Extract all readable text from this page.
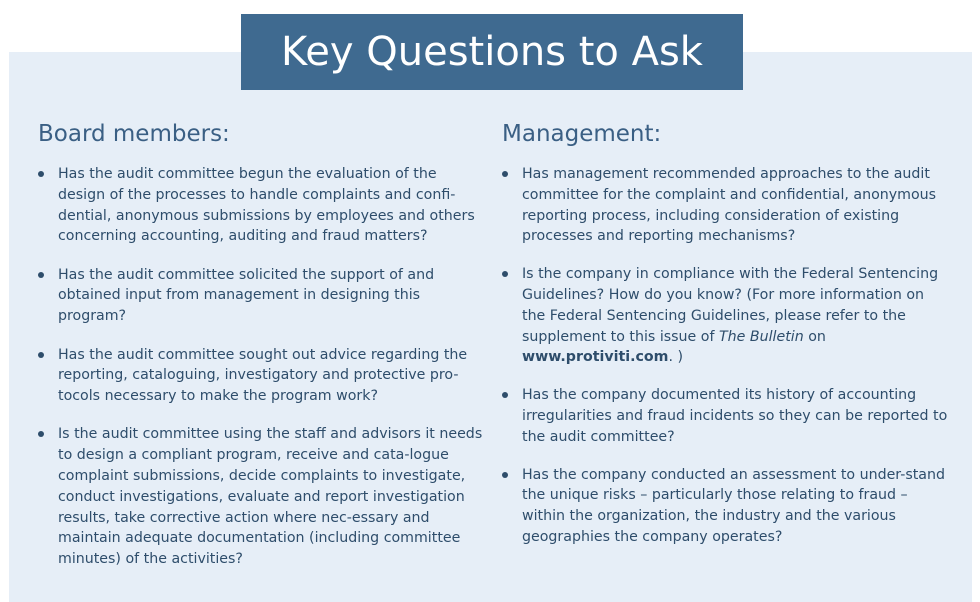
Key Questions to Ask
Board members:
Has the audit committee begun the evaluation of the design of the processes to handle complaints and confi-dential, anonymous submissions by employees and others concerning accounting, auditing and fraud matters?
Has the audit committee solicited the support of and obtained input from management in designing this program?
Has the audit committee sought out advice regarding the reporting, cataloguing, investigatory and protective pro-tocols necessary to make the program work?
Is the audit committee using the staff and advisors it needs to design a compliant program, receive and cata-logue complaint submissions, decide complaints to investigate, conduct investigations, evaluate and report investigation results, take corrective action where nec-essary and maintain adequate documentation (including committee minutes) of the activities?
Management:
Has management recommended approaches to the audit committee for the complaint and confidential, anonymous reporting process, including consideration of existing processes and reporting mechanisms?
Is the company in compliance with the Federal Sentencing Guidelines? How do you know? (For more information on the Federal Sentencing Guidelines, please refer to the supplement to this issue of The Bulletin on www.protiviti.com. )
Has the company documented its history of accounting irregularities and fraud incidents so they can be reported to the audit committee?
Has the company conducted an assessment to under-stand the unique risks – particularly those relating to fraud – within the organization, the industry and the various geographies the company operates?
